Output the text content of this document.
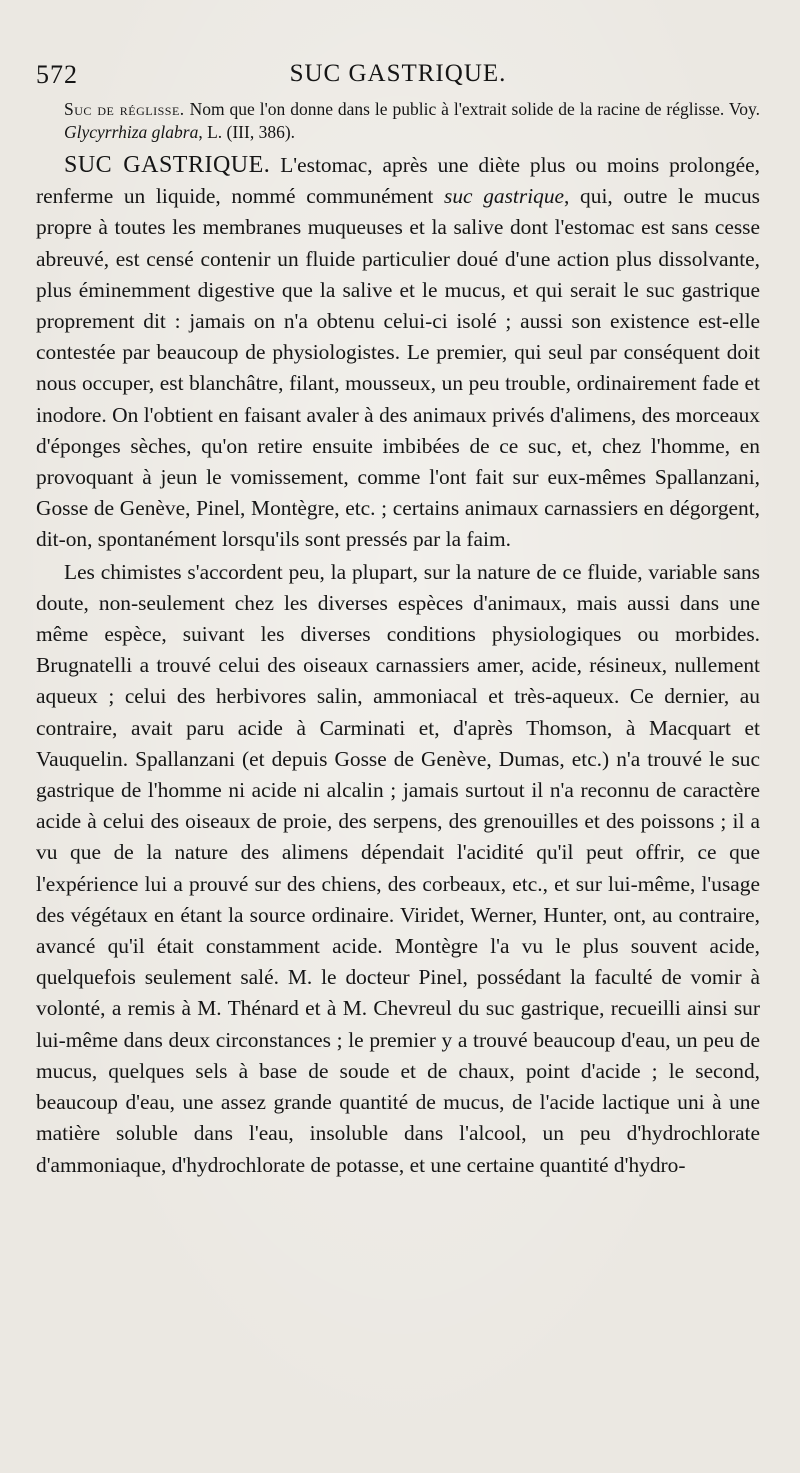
572	SUC GASTRIQUE.

Suc de réglisse. Nom que l'on donne dans le public à l'extrait solide de la racine de réglisse. Voy. Glycyrrhiza glabra, L. (III, 386).

SUC GASTRIQUE. L'estomac, après une diète plus ou moins prolongée, renferme un liquide, nommé communément suc gastrique, qui, outre le mucus propre à toutes les membranes muqueuses et la salive dont l'estomac est sans cesse abreuvé, est censé contenir un fluide particulier doué d'une action plus dissolvante, plus éminemment digestive que la salive et le mucus, et qui serait le suc gastrique proprement dit : jamais on n'a obtenu celui-ci isolé ; aussi son existence est-elle contestée par beaucoup de physiologistes. Le premier, qui seul par conséquent doit nous occuper, est blanchâtre, filant, mousseux, un peu trouble, ordinairement fade et inodore. On l'obtient en faisant avaler à des animaux privés d'alimens, des morceaux d'éponges sèches, qu'on retire ensuite imbibées de ce suc, et, chez l'homme, en provoquant à jeun le vomissement, comme l'ont fait sur eux-mêmes Spallanzani, Gosse de Genève, Pinel, Montègre, etc. ; certains animaux carnassiers en dégorgent, dit-on, spontanément lorsqu'ils sont pressés par la faim.

Les chimistes s'accordent peu, la plupart, sur la nature de ce fluide, variable sans doute, non-seulement chez les diverses espèces d'animaux, mais aussi dans une même espèce, suivant les diverses conditions physiologiques ou morbides. Brugnatelli a trouvé celui des oiseaux carnassiers amer, acide, résineux, nullement aqueux ; celui des herbivores salin, ammoniacal et très-aqueux. Ce dernier, au contraire, avait paru acide à Carminati et, d'après Thomson, à Macquart et Vauquelin. Spallanzani (et depuis Gosse de Genève, Dumas, etc.) n'a trouvé le suc gastrique de l'homme ni acide ni alcalin ; jamais surtout il n'a reconnu de caractère acide à celui des oiseaux de proie, des serpens, des grenouilles et des poissons ; il a vu que de la nature des alimens dépendait l'acidité qu'il peut offrir, ce que l'expérience lui a prouvé sur des chiens, des corbeaux, etc., et sur lui-même, l'usage des végétaux en étant la source ordinaire. Viridet, Werner, Hunter, ont, au contraire, avancé qu'il était constamment acide. Montègre l'a vu le plus souvent acide, quelquefois seulement salé. M. le docteur Pinel, possédant la faculté de vomir à volonté, a remis à M. Thénard et à M. Chevreul du suc gastrique, recueilli ainsi sur lui-même dans deux circonstances ; le premier y a trouvé beaucoup d'eau, un peu de mucus, quelques sels à base de soude et de chaux, point d'acide ; le second, beaucoup d'eau, une assez grande quantité de mucus, de l'acide lactique uni à une matière soluble dans l'eau, insoluble dans l'alcool, un peu d'hydrochlorate d'ammoniaque, d'hydrochlorate de potasse, et une certaine quantité d'hydro-
